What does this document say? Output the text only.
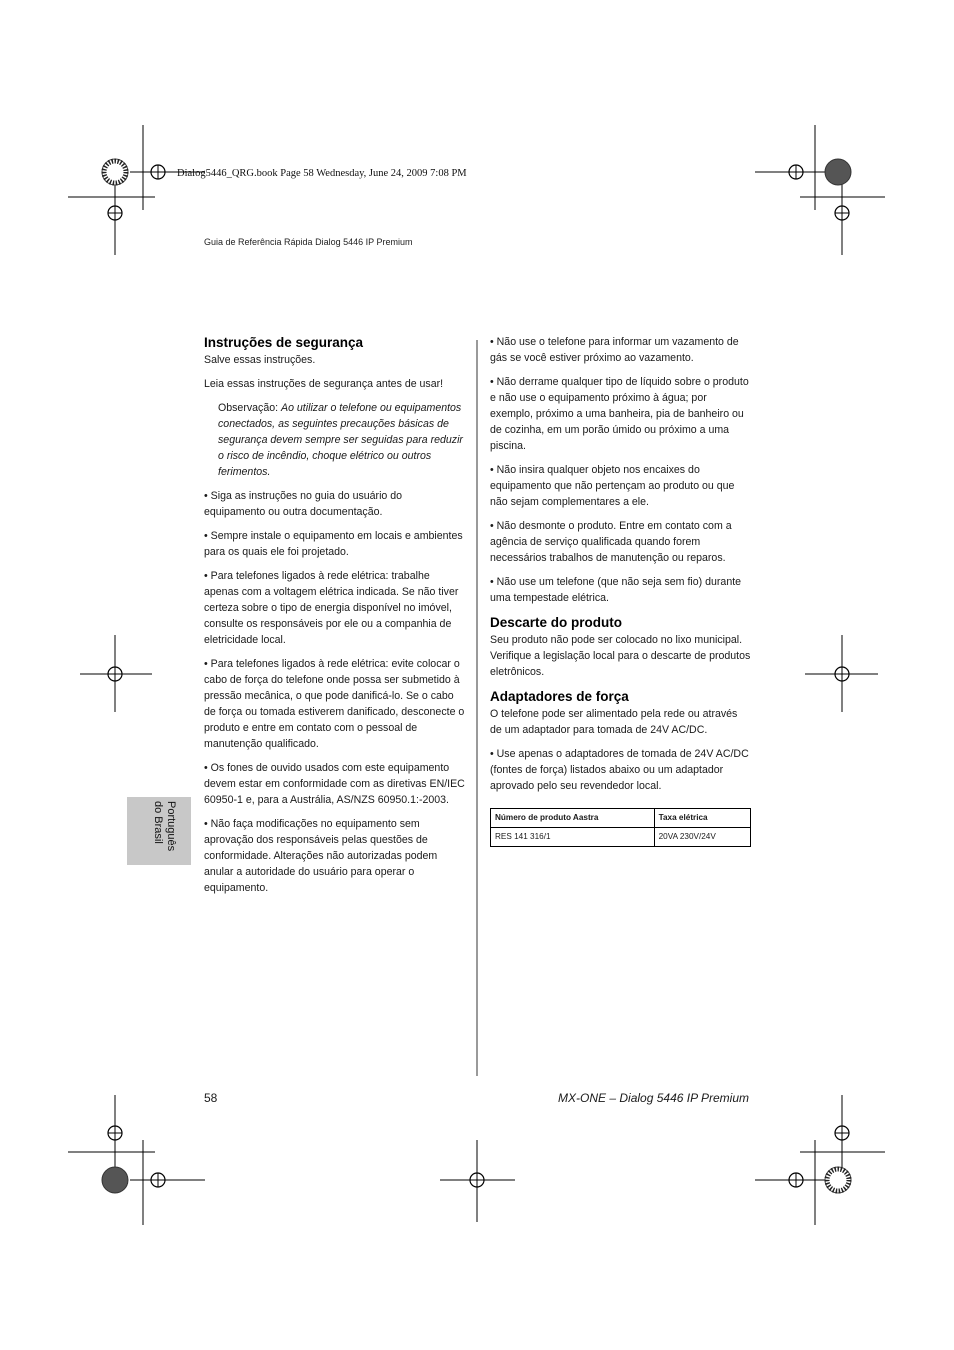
Dialog5446_QRG.book Page 58 Wednesday, June 24, 2009 7:08 PM
Guia de Referência Rápida Dialog 5446 IP Premium
Português
do Brasil
Instruções de segurança

Salve essas instruções.

Leia essas instruções de segurança antes de usar!

Observação: Ao utilizar o telefone ou equipamentos conectados, as seguintes precauções básicas de segurança devem sempre ser seguidas para reduzir o risco de incêndio, choque elétrico ou outros ferimentos.

• Siga as instruções no guia do usuário do equipamento ou outra documentação.

• Sempre instale o equipamento em locais e ambientes para os quais ele foi projetado.

• Para telefones ligados à rede elétrica: trabalhe apenas com a voltagem elétrica indicada. Se não tiver certeza sobre o tipo de energia disponível no imóvel, consulte os responsáveis por ele ou a companhia de eletricidade local.

• Para telefones ligados à rede elétrica: evite colocar o cabo de força do telefone onde possa ser submetido à pressão mecânica, o que pode danificá-lo. Se o cabo de força ou tomada estiverem danificado, desconecte o produto e entre em contato com o pessoal de manutenção qualificado.

• Os fones de ouvido usados com este equipamento devem estar em conformidade com as diretivas EN/IEC 60950-1 e, para a Austrália, AS/NZS 60950.1:-2003.

• Não faça modificações no equipamento sem aprovação dos responsáveis pelas questões de conformidade. Alterações não autorizadas podem anular a autoridade do usuário para operar o equipamento.

• Não use o telefone para informar um vazamento de gás se você estiver próximo ao vazamento.

• Não derrame qualquer tipo de líquido sobre o produto e não use o equipamento próximo à água; por exemplo, próximo a uma banheira, pia de banheiro ou de cozinha, em um porão úmido ou próximo a uma piscina.

• Não insira qualquer objeto nos encaixes do equipamento que não pertençam ao produto ou que não sejam complementares a ele.

• Não desmonte o produto. Entre em contato com a agência de serviço qualificada quando forem necessários trabalhos de manutenção ou reparos.

• Não use um telefone (que não seja sem fio) durante uma tempestade elétrica.

Descarte do produto

Seu produto não pode ser colocado no lixo municipal. Verifique a legislação local para o descarte de produtos eletrônicos.

Adaptadores de força

O telefone pode ser alimentado pela rede ou através de um adaptador para tomada de 24V AC/DC.

• Use apenas o adaptadores de tomada de 24V AC/DC (fontes de força) listados abaixo ou um adaptador aprovado pelo seu revendedor local.

Número de produto Aastra	Taxa elétrica
RES 141 316/1	20VA 230V/24V
58	MX-ONE – Dialog 5446 IP Premium
